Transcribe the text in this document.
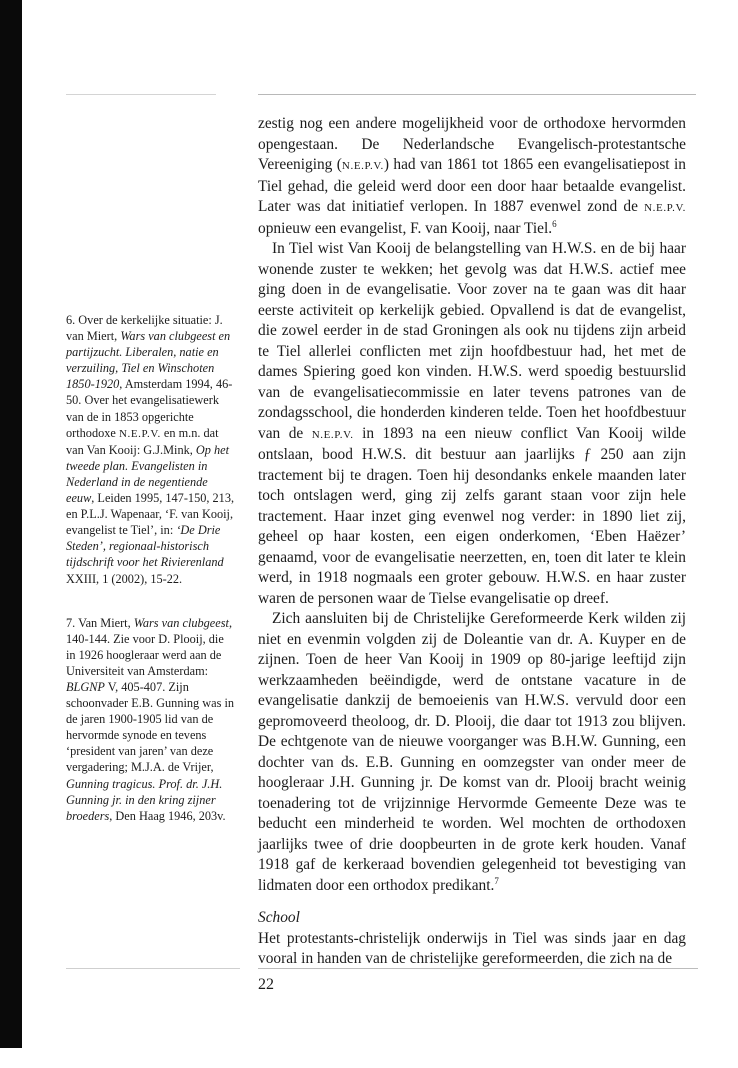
6. Over de kerkelijke situatie: J. van Miert, Wars van clubgeest en partijzucht. Liberalen, natie en verzuiling, Tiel en Winschoten 1850-1920, Amsterdam 1994, 46-50. Over het evangelisatiewerk van de in 1853 opgerichte orthodoxe N.E.P.V. en m.n. dat van Van Kooij: G.J.Mink, Op het tweede plan. Evangelisten in Nederland in de negentiende eeuw, Leiden 1995, 147-150, 213, en P.L.J. Wapenaar, ‘F. van Kooij, evangelist te Tiel’, in: ‘De Drie Steden’, regionaal-historisch tijdschrift voor het Rivierenland XXIII, 1 (2002), 15-22.

7. Van Miert, Wars van clubgeest, 140-144. Zie voor D. Plooij, die in 1926 hoogleraar werd aan de Universiteit van Amsterdam: BLGNP V, 405-407. Zijn schoonvader E.B. Gunning was in de jaren 1900-1905 lid van de hervormde synode en tevens ‘president van jaren’ van deze vergadering; M.J.A. de Vrijer, Gunning tragicus. Prof. dr. J.H. Gunning jr. in den kring zijner broeders, Den Haag 1946, 203v.

zestig nog een andere mogelijkheid voor de orthodoxe hervormden opengestaan. De Nederlandsche Evangelisch-protestantsche Vereeniging (N.E.P.V.) had van 1861 tot 1865 een evangelisatiepost in Tiel gehad, die geleid werd door een door haar betaalde evangelist. Later was dat initiatief verlopen. In 1887 evenwel zond de N.E.P.V. opnieuw een evangelist, F. van Kooij, naar Tiel.$^6$

In Tiel wist Van Kooij de belangstelling van H.W.S. en de bij haar wonende zuster te wekken; het gevolg was dat H.W.S. actief mee ging doen in de evangelisatie. Voor zover na te gaan was dit haar eerste activiteit op kerkelijk gebied. Opvallend is dat de evangelist, die zowel eerder in de stad Groningen als ook nu tijdens zijn arbeid te Tiel allerlei conflicten met zijn hoofdbestuur had, het met de dames Spiering goed kon vinden. H.W.S. werd spoedig bestuurslid van de evangelisatiecommissie en later tevens patrones van de zondagsschool, die honderden kinderen telde. Toen het hoofdbestuur van de N.E.P.V. in 1893 na een nieuw conflict Van Kooij wilde ontslaan, bood H.W.S. dit bestuur aan jaarlijks ƒ 250 aan zijn tractement bij te dragen. Toen hij desondanks enkele maanden later toch ontslagen werd, ging zij zelfs garant staan voor zijn hele tractement. Haar inzet ging evenwel nog verder: in 1890 liet zij, geheel op haar kosten, een eigen onderkomen, ‘Eben Haëzer’ genaamd, voor de evangelisatie neerzetten, en, toen dit later te klein werd, in 1918 nogmaals een groter gebouw. H.W.S. en haar zuster waren de personen waar de Tielse evangelisatie op dreef.

Zich aansluiten bij de Christelijke Gereformeerde Kerk wilden zij niet en evenmin volgden zij de Doleantie van dr. A. Kuyper en de zijnen. Toen de heer Van Kooij in 1909 op 80-jarige leeftijd zijn werkzaamheden beëindigde, werd de ontstane vacature in de evangelisatie dankzij de bemoeienis van H.W.S. vervuld door een gepromoveerd theoloog, dr. D. Plooij, die daar tot 1913 zou blijven. De echtgenote van de nieuwe voorganger was B.H.W. Gunning, een dochter van ds. E.B. Gunning en oomzegster van onder meer de hoogleraar J.H. Gunning jr. De komst van dr. Plooij bracht weinig toenadering tot de vrijzinnige Hervormde Gemeente Deze was te beducht een minderheid te worden. Wel mochten de orthodoxen jaarlijks twee of drie doopbeurten in de grote kerk houden. Vanaf 1918 gaf de kerkeraad bovendien gelegenheid tot bevestiging van lidmaten door een orthodox predikant.$^7$

School

Het protestants-christelijk onderwijs in Tiel was sinds jaar en dag vooral in handen van de christelijke gereformeerden, die zich na de

22
